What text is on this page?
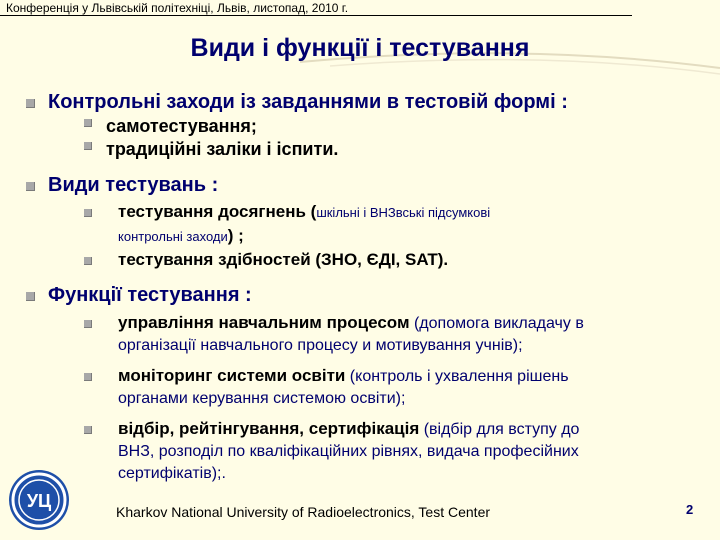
Конференція у Львівській політехніці, Львів, листопад, 2010 г.
Види і функції і тестування
Контрольні заходи із завданнями в тестовій формі :
самотестування;
традиційні заліки і іспити.
Види тестувань :
тестування досягнень (шкільні і ВНЗвські підсумкові
контрольні заходи) ;
тестування здібностей (ЗНО, ЄДІ, SAT).
Функції тестування :
управління навчальним процесом (допомога викладачу в
організації навчального процесу и мотивування учнів);
моніторинг системи освіти (контроль і ухвалення рішень
органами керування системою освіти);
відбір, рейтінгування, сертифікація (відбір для вступу до
ВНЗ, розподіл по кваліфікаційних рівнях, видача професійних
сертифікатів);.
УЦ
Kharkov National University of Radioelectronics, Test Center	2
